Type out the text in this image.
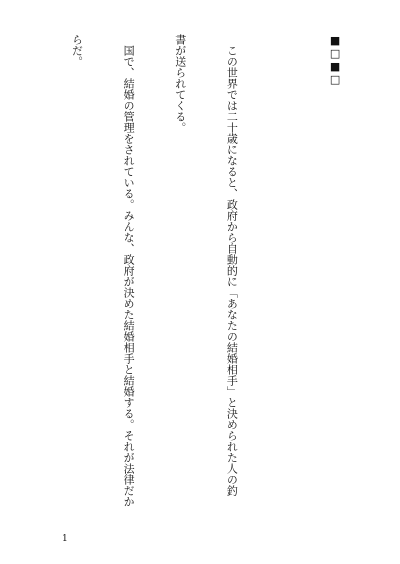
■□■□

　この世界では二十歳になると、政府から自動的に「あなたの結婚相手」と決められた人の釣

書が送られてくる。

　国で、結婚の管理をされている。みんな、政府が決めた結婚相手と結婚する。それが法律だか

らだ。

1
